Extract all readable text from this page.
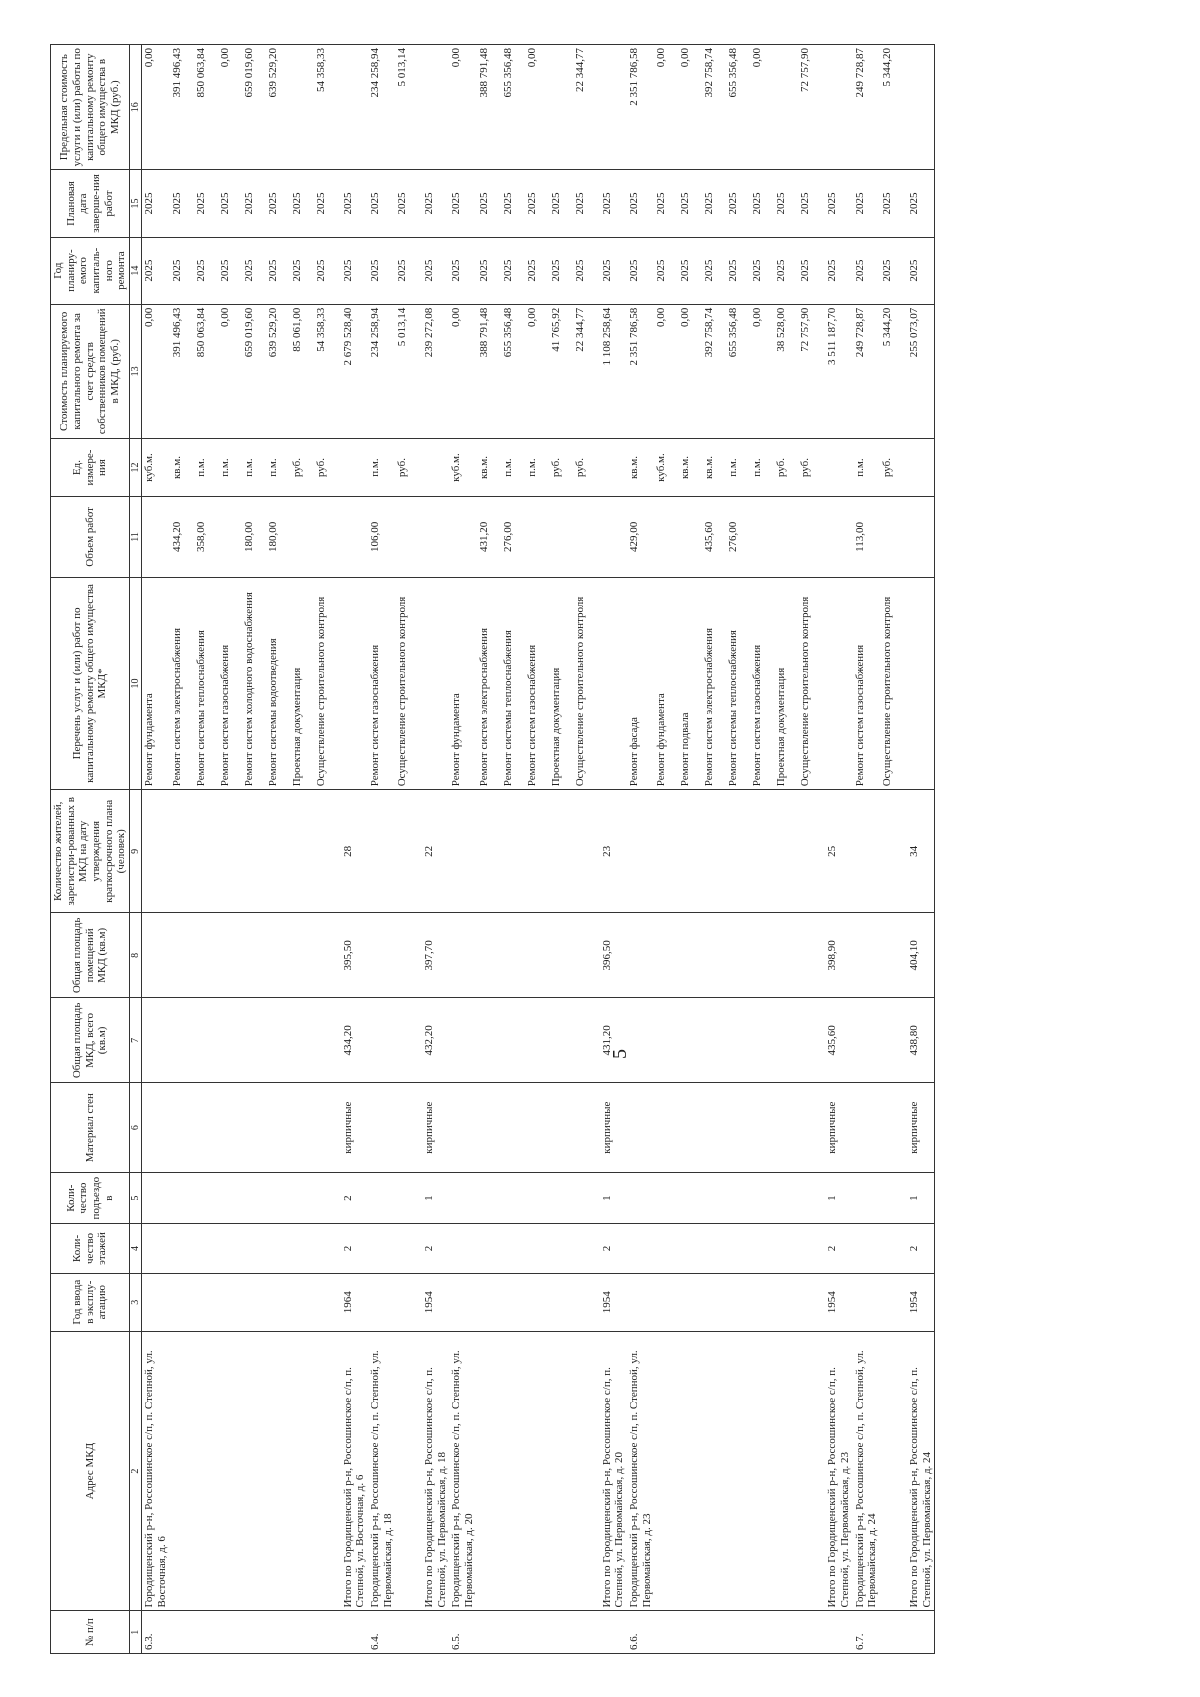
5
№ п/п	Адрес МКД	Год ввода в эксплу-атацию	Коли-чество этажей	Коли-чество подъездо в	Материал стен	Общая площадь МКД, всего (кв.м)	Общая площадь помещений МКД (кв.м)	Количество жителей, зарегистри-рованных в МКД на дату утверждения краткосрочного плана (человек)	Перечень услуг и (или) работ по капитальному ремонту общего имущества МКД*	Объем работ	Ед. измере-ния	Стоимость планируемого капитального ремонта за счет средств собственников помещений в МКД, (руб.)	Год планиру-емого капиталь-ного ремонта	Плановая дата заверше-ния работ	Предельная стоимость услуги и (или) работы по капитальному ремонту общего имущества в МКД (руб.)
1	2	3	4	5	6	7	8	9	10	11	12	13	14	15	16
6.3.	Городищенский р-н, Россошинское с/п, п. Степной, ул. Восточная, д. 6								Ремонт фундамента		куб.м.	0,00	2025	2025	0,00
									Ремонт систем электроснабжения	434,20	кв.м.	391 496,43	2025	2025	391 496,43
									Ремонт системы теплоснабжения	358,00	п.м.	850 063,84	2025	2025	850 063,84
									Ремонт систем газоснабжения		п.м.	0,00	2025	2025	0,00
									Ремонт систем холодного водоснабжения	180,00	п.м.	659 019,60	2025	2025	659 019,60
									Ремонт системы водоотведения	180,00	п.м.	639 529,20	2025	2025	639 529,20
									Проектная документация		руб.	85 061,00	2025	2025	
									Осуществление строительного контроля		руб.	54 358,33	2025	2025	54 358,33
	Итого по Городищенский р-н, Россошинское с/п, п. Степной, ул. Восточная, д. 6	1964	2	2	кирпичные	434,20	395,50	28				2 679 528,40	2025	2025	
6.4.	Городищенский р-н, Россошинское с/п, п. Степной, ул. Первомайская, д. 18								Ремонт систем газоснабжения	106,00	п.м.	234 258,94	2025	2025	234 258,94
									Осуществление строительного контроля		руб.	5 013,14	2025	2025	5 013,14
	Итого по Городищенский р-н, Россошинское с/п, п. Степной, ул. Первомайская, д. 18	1954	2	1	кирпичные	432,20	397,70	22				239 272,08	2025	2025	
6.5.	Городищенский р-н, Россошинское с/п, п. Степной, ул. Первомайская, д. 20								Ремонт фундамента		куб.м.	0,00	2025	2025	0,00
									Ремонт систем электроснабжения	431,20	кв.м.	388 791,48	2025	2025	388 791,48
									Ремонт системы теплоснабжения	276,00	п.м.	655 356,48	2025	2025	655 356,48
									Ремонт систем газоснабжения		п.м.	0,00	2025	2025	0,00
									Проектная документация		руб.	41 765,92	2025	2025	
									Осуществление строительного контроля		руб.	22 344,77	2025	2025	22 344,77
	Итого по Городищенский р-н, Россошинское с/п, п. Степной, ул. Первомайская, д. 20	1954	2	1	кирпичные	431,20	396,50	23				1 108 258,64	2025	2025	
6.6.	Городищенский р-н, Россошинское с/п, п. Степной, ул. Первомайская, д. 23								Ремонт фасада	429,00	кв.м.	2 351 786,58	2025	2025	2 351 786,58
									Ремонт фундамента		куб.м.	0,00	2025	2025	0,00
									Ремонт подвала		кв.м.	0,00	2025	2025	0,00
									Ремонт систем электроснабжения	435,60	кв.м.	392 758,74	2025	2025	392 758,74
									Ремонт системы теплоснабжения	276,00	п.м.	655 356,48	2025	2025	655 356,48
									Ремонт систем газоснабжения		п.м.	0,00	2025	2025	0,00
									Проектная документация		руб.	38 528,00	2025	2025	
									Осуществление строительного контроля		руб.	72 757,90	2025	2025	72 757,90
	Итого по Городищенский р-н, Россошинское с/п, п. Степной, ул. Первомайская, д. 23	1954	2	1	кирпичные	435,60	398,90	25				3 511 187,70	2025	2025	
6.7.	Городищенский р-н, Россошинское с/п, п. Степной, ул. Первомайская, д. 24								Ремонт систем газоснабжения	113,00	п.м.	249 728,87	2025	2025	249 728,87
									Осуществление строительного контроля		руб.	5 344,20	2025	2025	5 344,20
	Итого по Городищенский р-н, Россошинское с/п, п. Степной, ул. Первомайская, д. 24	1954	2	1	кирпичные	438,80	404,10	34				255 073,07	2025	2025	
